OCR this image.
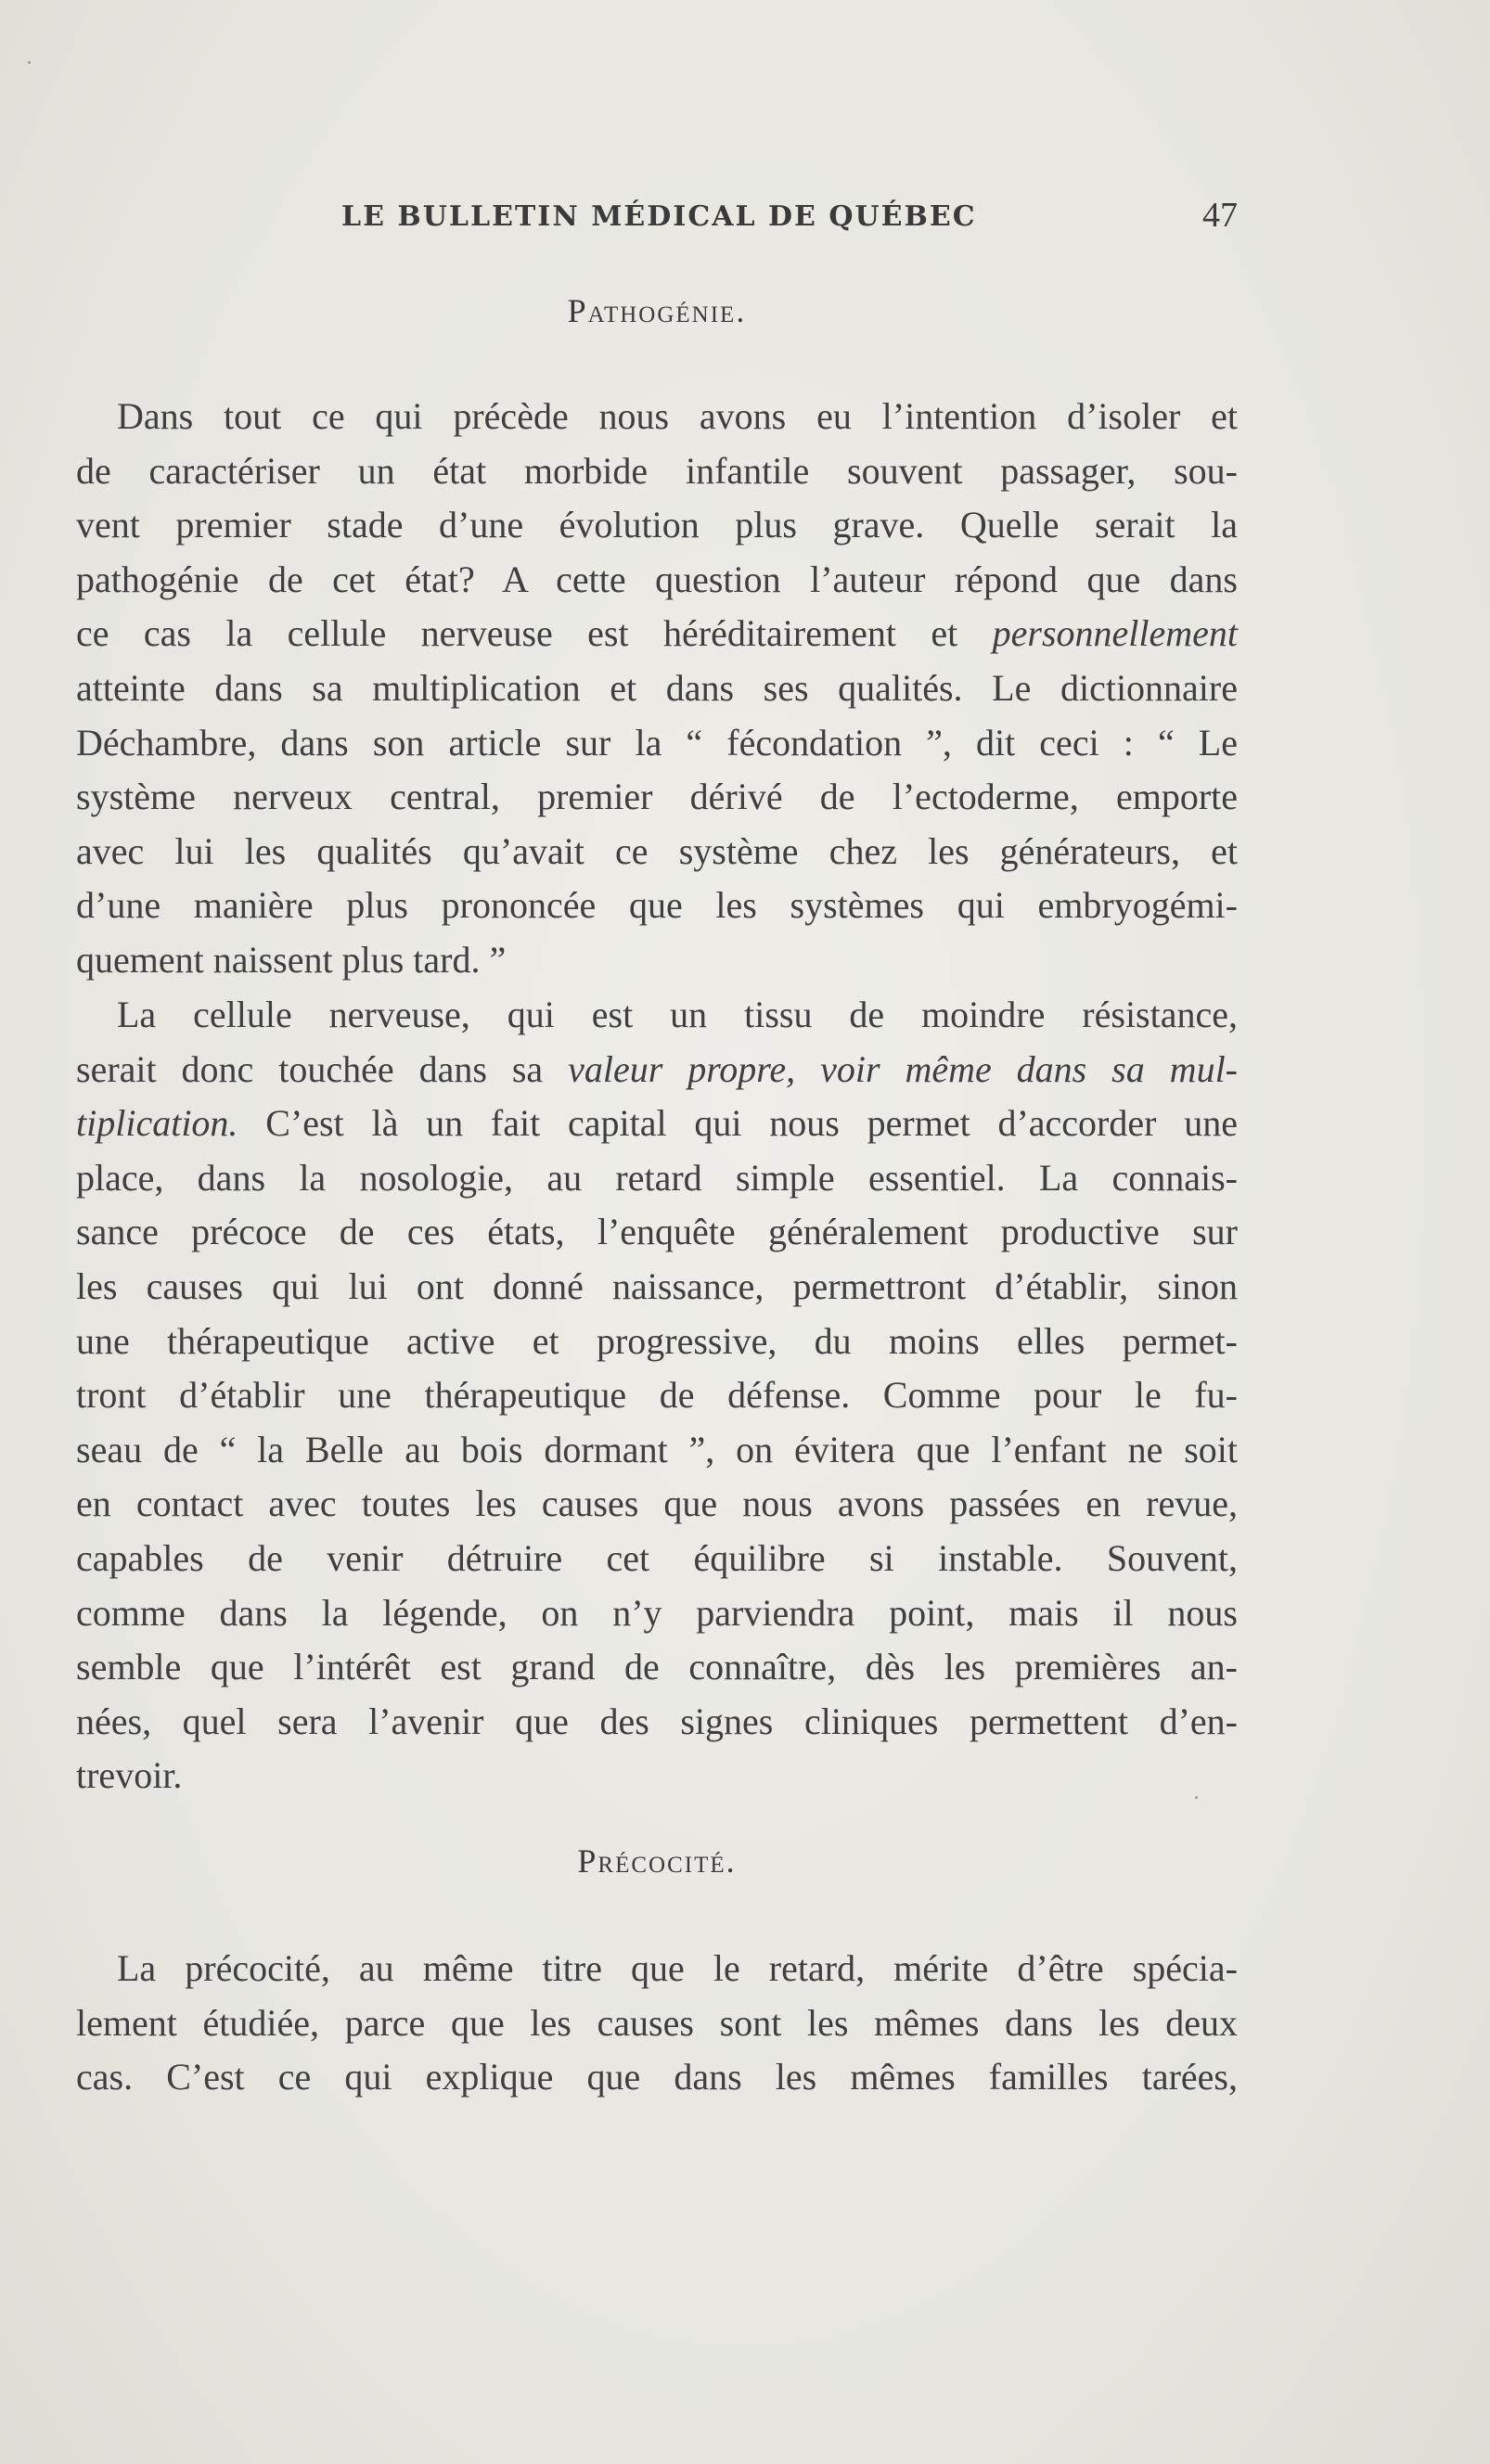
LE BULLETIN MÉDICAL DE QUÉBEC	47
Pathogénie.
Dans tout ce qui précède nous avons eu l’intention d’isoler et
de caractériser un état morbide infantile souvent passager, sou-
vent premier stade d’une évolution plus grave. Quelle serait la
pathogénie de cet état? A cette question l’auteur répond que dans
ce cas la cellule nerveuse est héréditairement et personnellement
atteinte dans sa multiplication et dans ses qualités. Le dictionnaire
Déchambre, dans son article sur la “ fécondation ”, dit ceci : “ Le
système nerveux central, premier dérivé de l’ectoderme, emporte
avec lui les qualités qu’avait ce système chez les générateurs, et
d’une manière plus prononcée que les systèmes qui embryogémi-
quement naissent plus tard. ”
La cellule nerveuse, qui est un tissu de moindre résistance,
serait donc touchée dans sa valeur propre, voir même dans sa mul-
tiplication. C’est là un fait capital qui nous permet d’accorder une
place, dans la nosologie, au retard simple essentiel. La connais-
sance précoce de ces états, l’enquête généralement productive sur
les causes qui lui ont donné naissance, permettront d’établir, sinon
une thérapeutique active et progressive, du moins elles permet-
tront d’établir une thérapeutique de défense. Comme pour le fu-
seau de “ la Belle au bois dormant ”, on évitera que l’enfant ne soit
en contact avec toutes les causes que nous avons passées en revue,
capables de venir détruire cet équilibre si instable. Souvent,
comme dans la légende, on n’y parviendra point, mais il nous
semble que l’intérêt est grand de connaître, dès les premières an-
nées, quel sera l’avenir que des signes cliniques permettent d’en-
trevoir.
Précocité.
La précocité, au même titre que le retard, mérite d’être spécia-
lement étudiée, parce que les causes sont les mêmes dans les deux
cas. C’est ce qui explique que dans les mêmes familles tarées,
